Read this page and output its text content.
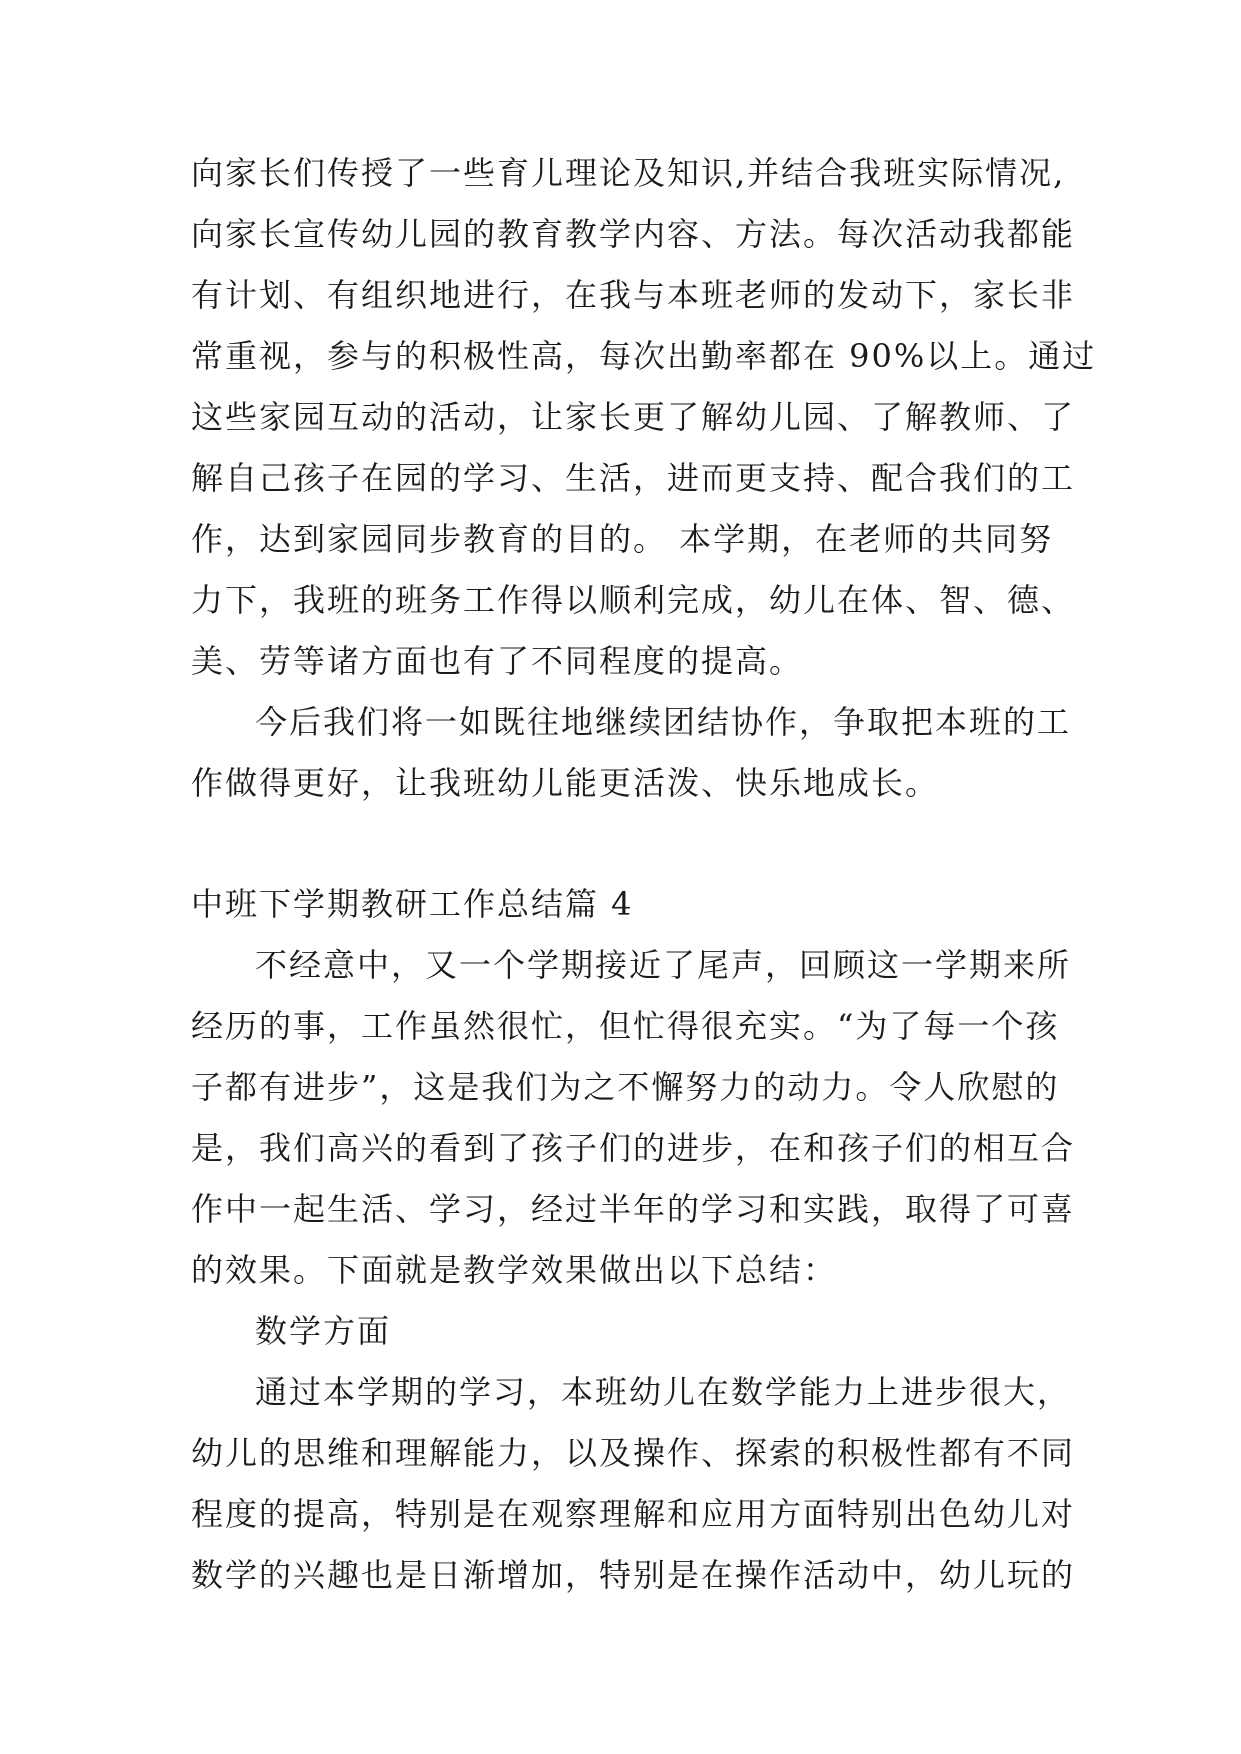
向家长们传授了一些育儿理论及知识,并结合我班实际情况,
向家长宣传幼儿园的教育教学内容、方法。每次活动我都能
有计划、有组织地进行，在我与本班老师的发动下，家长非
常重视，参与的积极性高，每次出勤率都在 90%以上。通过
这些家园互动的活动，让家长更了解幼儿园、了解教师、了
解自己孩子在园的学习、生活，进而更支持、配合我们的工
作，达到家园同步教育的目的。 本学期，在老师的共同努
力下，我班的班务工作得以顺利完成，幼儿在体、智、德、
美、劳等诸方面也有了不同程度的提高。
今后我们将一如既往地继续团结协作，争取把本班的工
作做得更好，让我班幼儿能更活泼、快乐地成长。
中班下学期教研工作总结篇 4
不经意中，又一个学期接近了尾声，回顾这一学期来所
经历的事，工作虽然很忙，但忙得很充实。“为了每一个孩
子都有进步”，这是我们为之不懈努力的动力。令人欣慰的
是，我们高兴的看到了孩子们的进步，在和孩子们的相互合
作中一起生活、学习，经过半年的学习和实践，取得了可喜
的效果。下面就是教学效果做出以下总结：
数学方面
通过本学期的学习，本班幼儿在数学能力上进步很大，
幼儿的思维和理解能力，以及操作、探索的积极性都有不同
程度的提高，特别是在观察理解和应用方面特别出色幼儿对
数学的兴趣也是日渐增加，特别是在操作活动中，幼儿玩的
